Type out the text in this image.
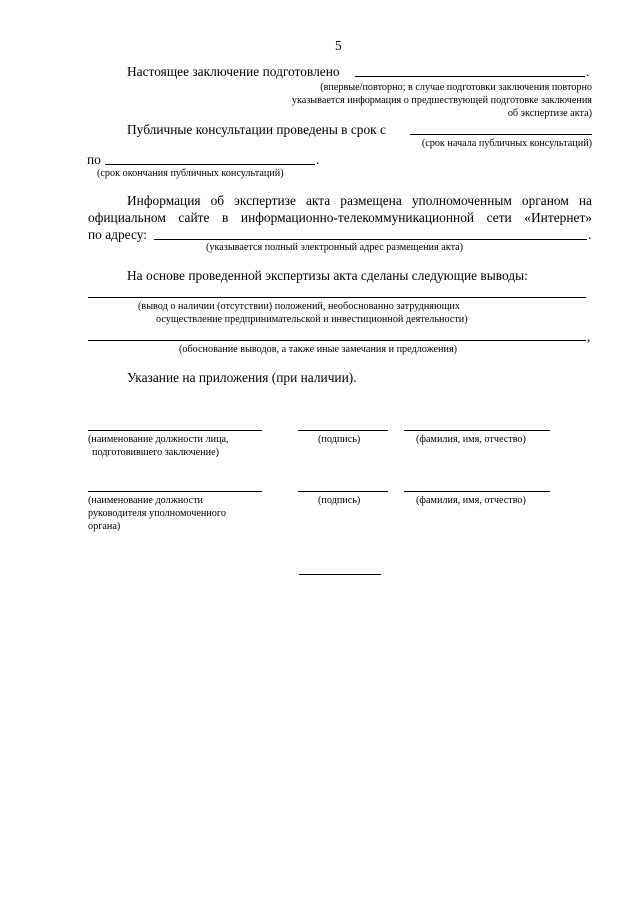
5
Настоящее заключение подготовлено	.
(впервые/повторно; в случае подготовки заключения повторно
указывается информация о предшествующей подготовке заключения
об экспертизе акта)
Публичные консультации проведены в срок с
(срок начала публичных консультаций)
по	.
(срок окончания публичных консультаций)
Информация об экспертизе акта размещена уполномоченным органом на
официальном сайте в информационно-телекоммуникационной сети «Интернет»
по адресу:	.
(указывается полный электронный адрес размещения акта)
На основе проведенной экспертизы акта сделаны следующие выводы:
(вывод о наличии (отсутствии) положений, необоснованно затрудняющих
осуществление предпринимательской и инвестиционной деятельности)
,
(обоснование выводов, а также иные замечания и предложения)
Указание на приложения (при наличии).
(наименование должности лица,
подготовившего заключение)
(подпись)	(фамилия, имя, отчество)
(наименование должности
руководителя уполномоченного
органа)
(подпись)	(фамилия, имя, отчество)
